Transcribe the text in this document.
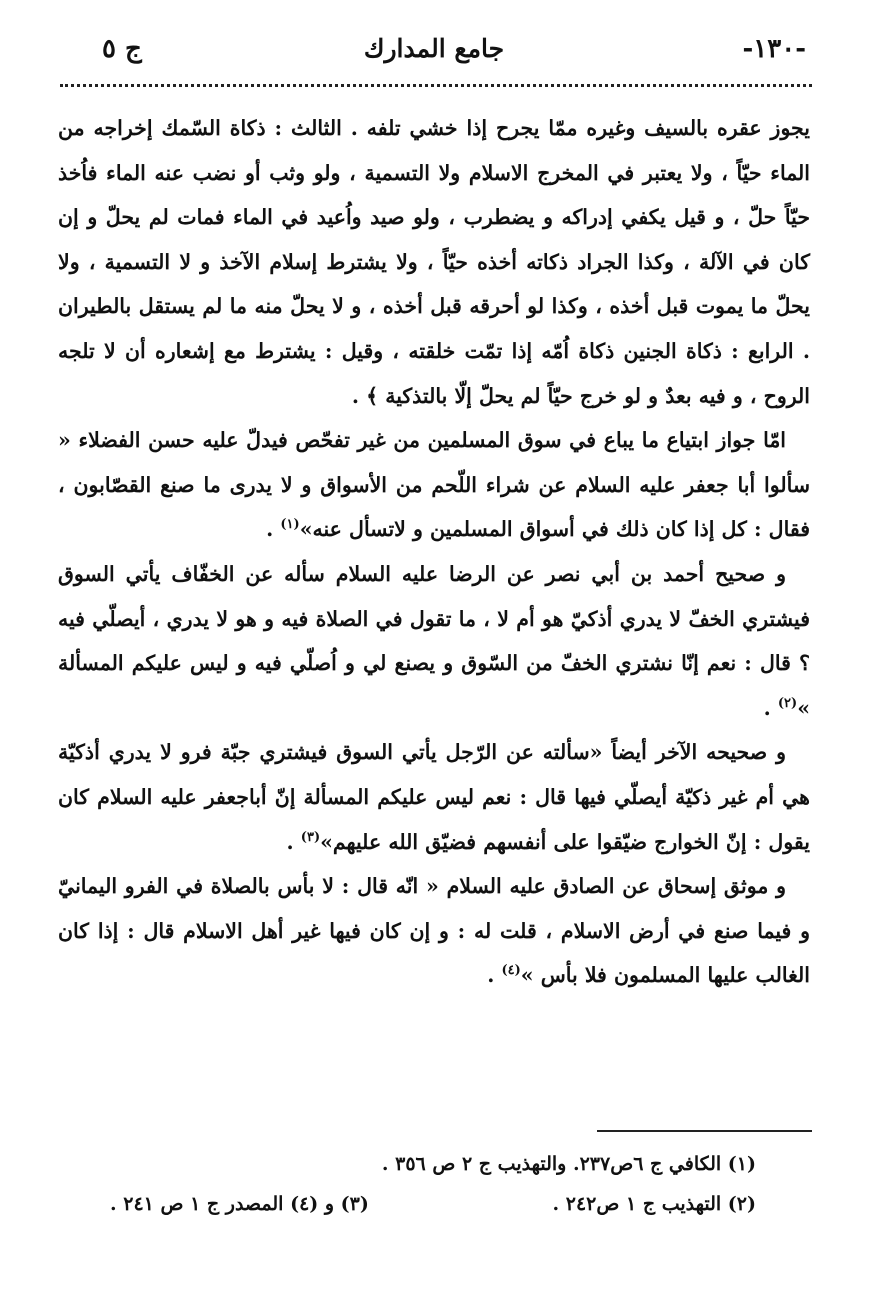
-١٣٠-
جامع المدارك
ج ٥

يجوز عقره بالسيف وغيره ممّا يجرح إذا خشي تلفه . الثالث : ذكاة السّمك إخراجه من الماء حيّاً ، ولا يعتبر في المخرج الاسلام ولا التسمية ، ولو وثب أو نضب عنه الماء فاُخذ حيّاً حلّ ، و قيل يكفي إدراكه و يضطرب ، ولو صيد واُعيد في الماء فمات لم يحلّ و إن كان في الآلة ، وكذا الجراد ذكاته أخذه حيّاً ، ولا يشترط إسلام الآخذ و لا التسمية ، ولا يحلّ ما يموت قبل أخذه ، وكذا لو أحرقه قبل أخذه ، و لا يحلّ منه ما لم يستقل بالطيران . الرابع : ذكاة الجنين ذكاة اُمّه إذا تمّت خلقته ، وقيل : يشترط مع إشعاره أن لا تلجه الروح ، و فيه بعدٌ و لو خرج حيّاً لم يحلّ إلّا بالتذكية ﴾ .

امّا جواز ابتياع ما يباع في سوق المسلمين من غير تفحّص فيدلّ عليه حسن الفضلاء « سألوا أبا جعفر عليه السلام عن شراء اللّحم من الأسواق و لا يدرى ما صنع القصّابون ، فقال : كل إذا كان ذلك في أسواق المسلمين و لاتسأل عنه»$^{(١)}$ .

و صحيح أحمد بن أبي نصر عن الرضا عليه السلام سأله عن الخفّاف يأتي السوق فيشتري الخفّ لا يدري أذكيّ هو أم لا ، ما تقول في الصلاة فيه و هو لا يدري ، أيصلّي فيه ؟ قال : نعم إنّا نشتري الخفّ من السّوق و يصنع لي و اُصلّي فيه و ليس عليكم المسألة »$^{(٢)}$ .

و صحيحه الآخر أيضاً «سألته عن الرّجل يأتي السوق فيشتري جبّة فرو لا يدري أذكيّة هي أم غير ذكيّة أيصلّي فيها قال : نعم ليس عليكم المسألة إنّ أباجعفر عليه السلام كان يقول : إنّ الخوارج ضيّقوا على أنفسهم فضيّق الله عليهم»$^{(٣)}$ .

و موثق إسحاق عن الصادق عليه السلام « انّه قال : لا بأس بالصلاة في الفرو اليمانيّ و فيما صنع في أرض الاسلام ، قلت له : و إن كان فيها غير أهل الاسلام قال : إذا كان الغالب عليها المسلمون فلا بأس »$^{(٤)}$ .

(١) الكافي ج ٦ص٢٣٧. والتهذيب ج ٢ ص ٣٥٦ .
(٢) التهذيب ج ١ ص٢٤٢ .
(٣) و (٤) المصدر ج ١ ص ٢٤١ .
